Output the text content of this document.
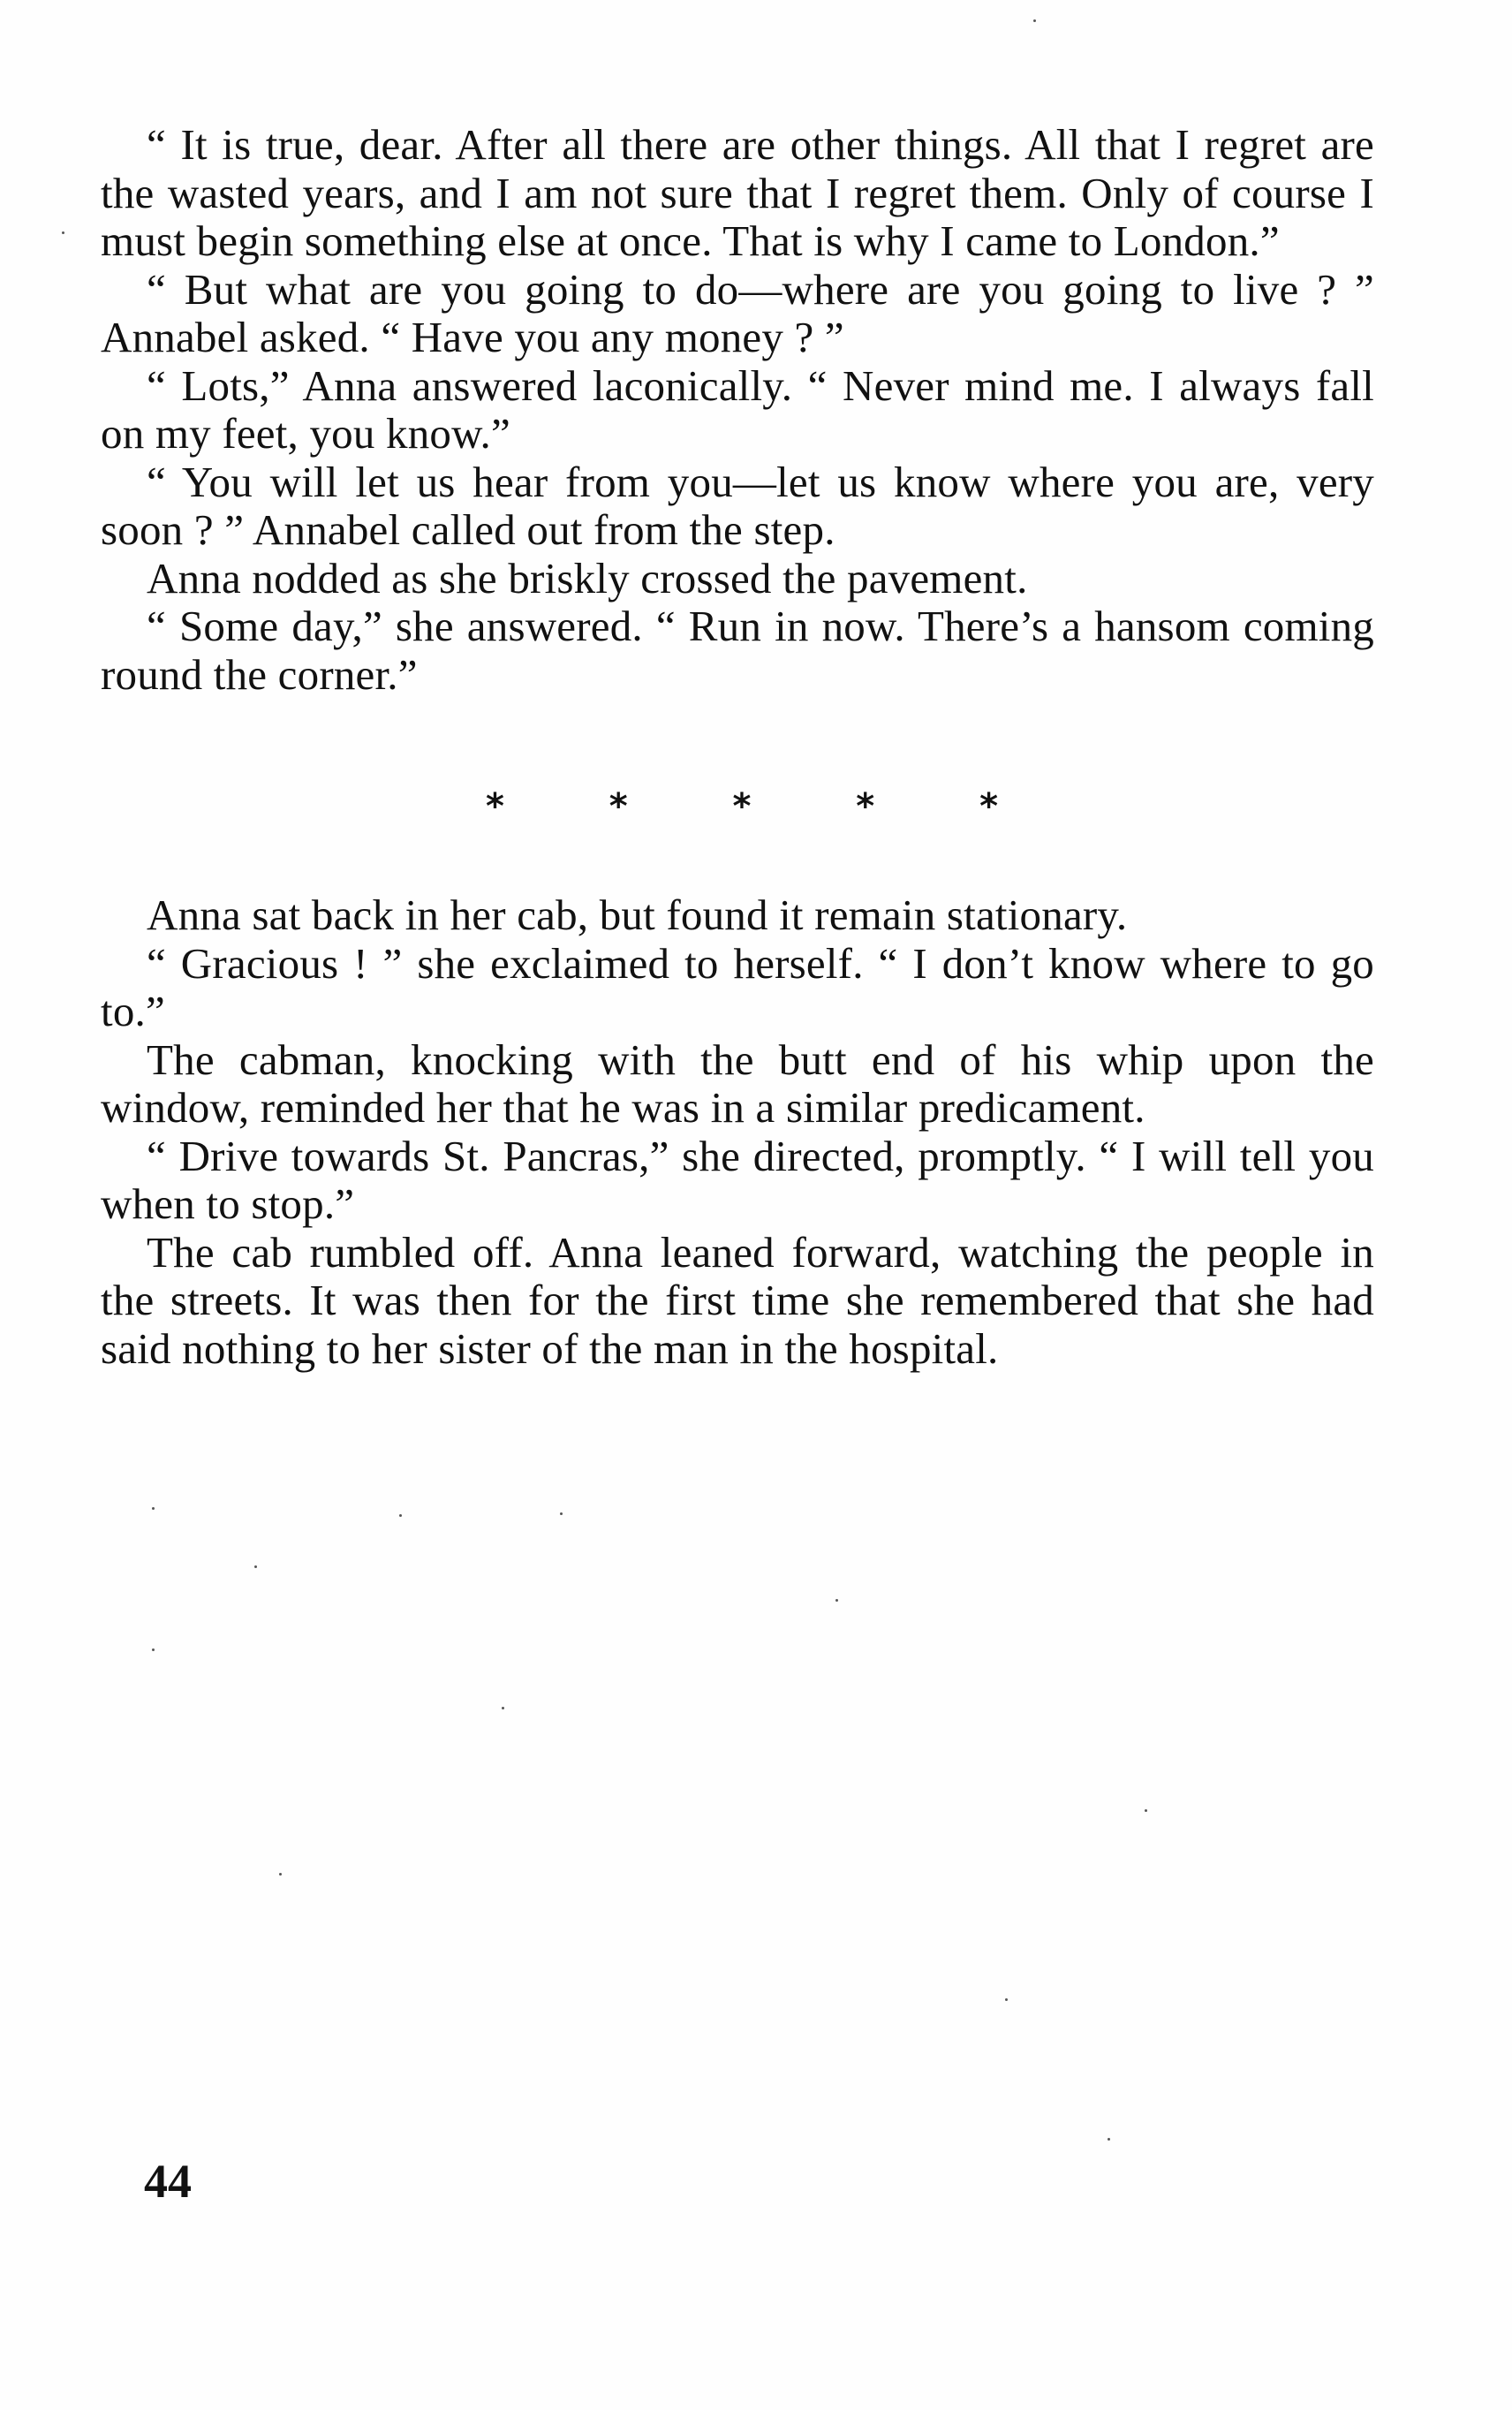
“ It is true, dear. After all there are other things. All that I regret are the wasted years, and I am not sure that I regret them. Only of course I must begin something else at once. That is why I came to London.”

“ But what are you going to do—where are you going to live ? ” Annabel asked. “ Have you any money ? ”

“ Lots,” Anna answered laconically. “ Never mind me. I always fall on my feet, you know.”

“ You will let us hear from you—let us know where you are, very soon ? ” Annabel called out from the step.

Anna nodded as she briskly crossed the pavement.

“ Some day,” she answered. “ Run in now. There’s a hansom coming round the corner.”

*	*	*	*	*

Anna sat back in her cab, but found it remain stationary.

“ Gracious ! ” she exclaimed to herself. “ I don’t know where to go to.”

The cabman, knocking with the butt end of his whip upon the window, reminded her that he was in a similar predicament.

“ Drive towards St. Pancras,” she directed, promptly. “ I will tell you when to stop.”

The cab rumbled off. Anna leaned forward, watching the people in the streets. It was then for the first time she remembered that she had said nothing to her sister of the man in the hospital.

44
